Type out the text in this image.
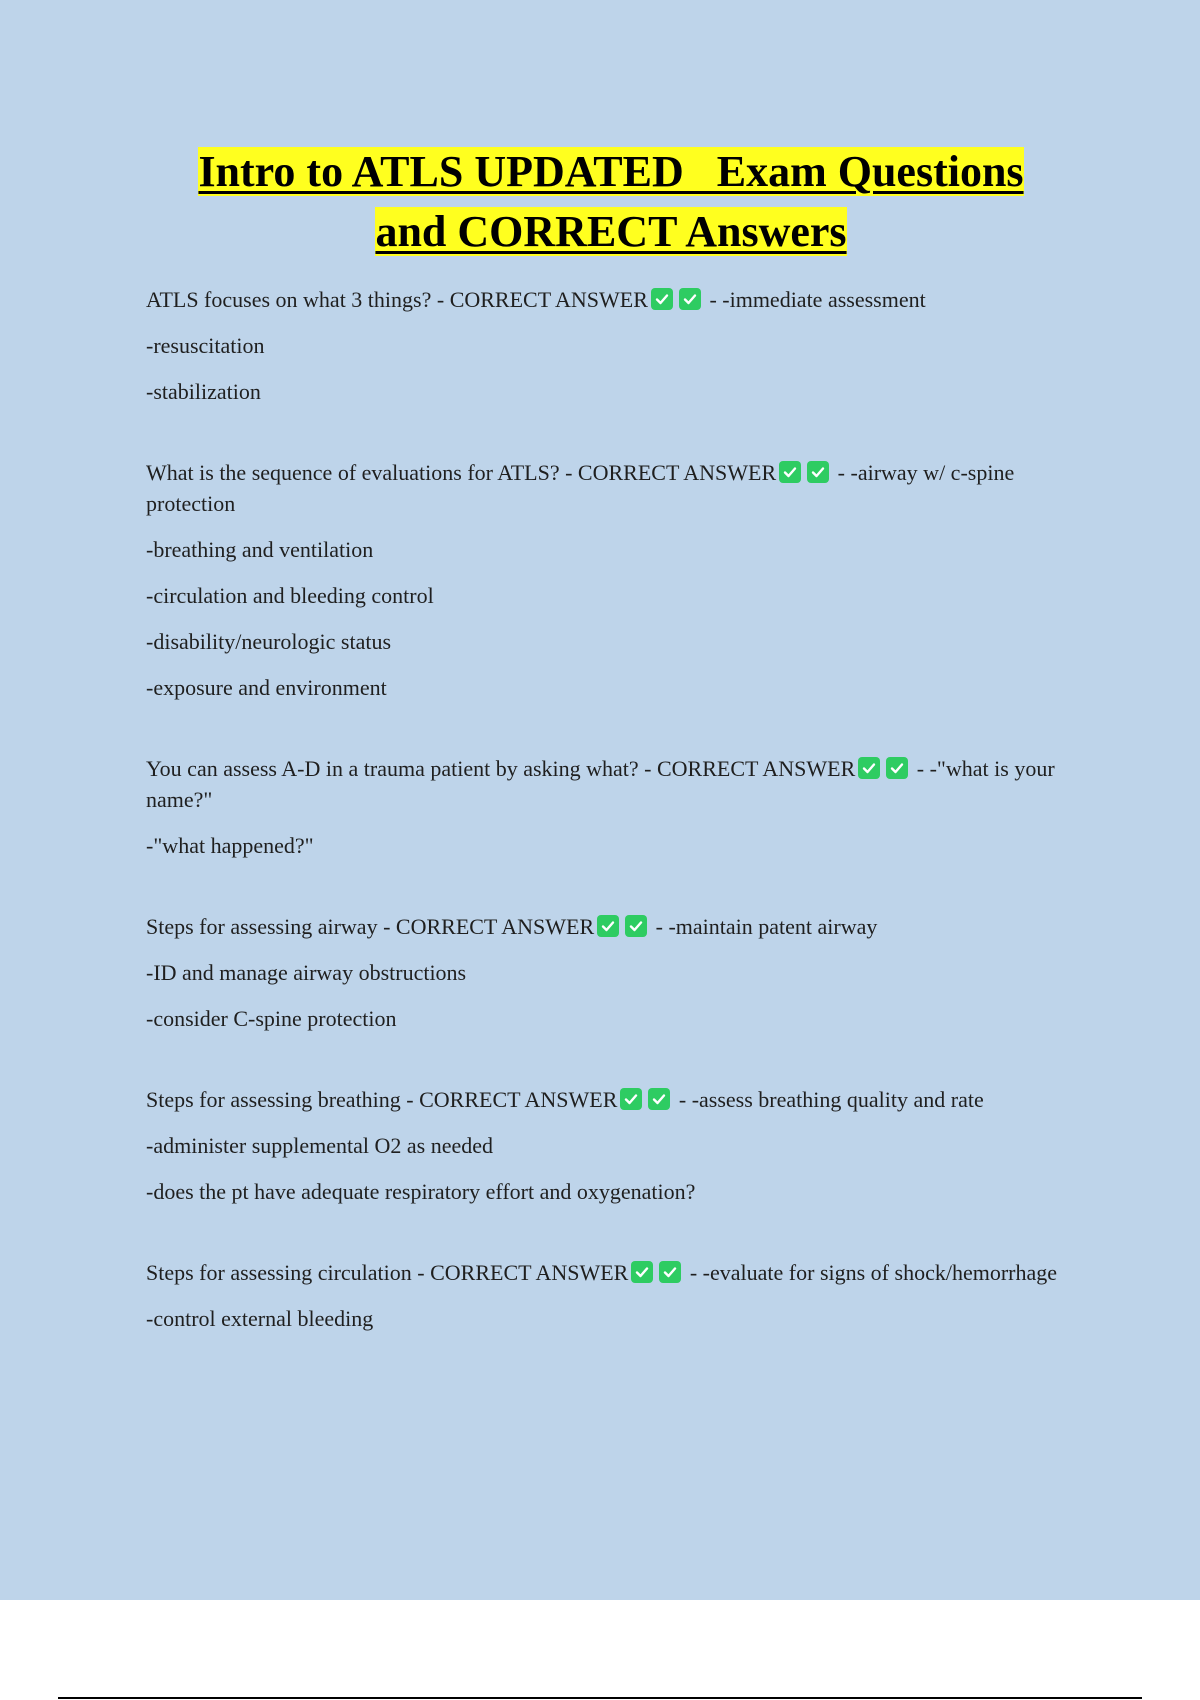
Intro to ATLS UPDATED   Exam Questions
and CORRECT Answers

ATLS focuses on what 3 things? - CORRECT ANSWER	- -immediate assessment

-resuscitation

-stabilization

What is the sequence of evaluations for ATLS? - CORRECT ANSWER	- -airway w/ c-spine protection

-breathing and ventilation

-circulation and bleeding control

-disability/neurologic status

-exposure and environment

You can assess A-D in a trauma patient by asking what? - CORRECT ANSWER	- -"what is your name?"

-"what happened?"

Steps for assessing airway - CORRECT ANSWER	- -maintain patent airway

-ID and manage airway obstructions

-consider C-spine protection

Steps for assessing breathing - CORRECT ANSWER	- -assess breathing quality and rate

-administer supplemental O2 as needed

-does the pt have adequate respiratory effort and oxygenation?

Steps for assessing circulation - CORRECT ANSWER	- -evaluate for signs of shock/hemorrhage

-control external bleeding
